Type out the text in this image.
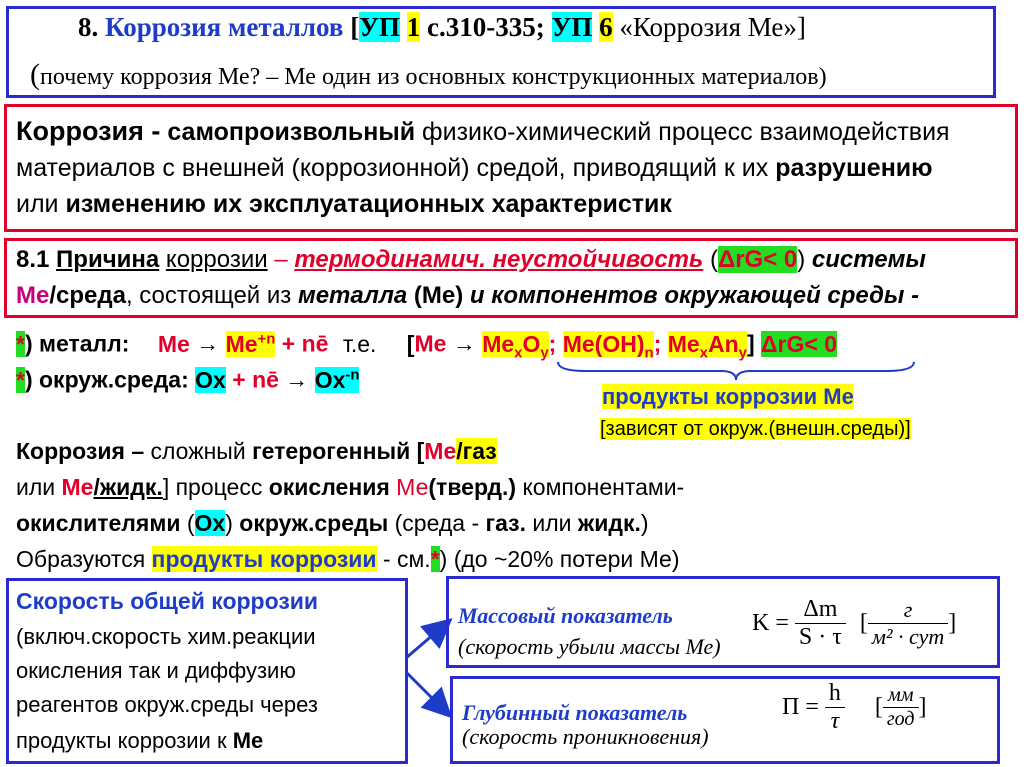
8. Коррозия металлов [УП 1 с.310-335; УП 6 «Коррозия Ме»]
(почему коррозия Ме? – Ме один из основных конструкционных материалов)
Коррозия - самопроизвольный физико-химический процесс взаимодействия
материалов с внешней (коррозионной) средой, приводящий к их разрушению
или изменению их эксплуатационных характеристик
8.1 Причина коррозии – термодинамич. неустойчивость (ΔrG< 0) системы
Ме/среда, состоящей из металла (Ме) и компонентов окружающей среды -
*) металл: Ме → $Ме^{+n}$ + nē т.е. [$Ме \to Ме_xO_y$; $Ме(ОН)_n$; $Ме_xAn_y$] ΔrG< 0
*) окруж.среда: Ох + nē → $Ох^{-n}$
продукты коррозии Ме
[зависят от окруж.(внешн.среды)]
Коррозия – сложный гетерогенный [Ме/газ
или Ме/жидк.] процесс окисления Ме(тверд.) компонентами-
окислителями (Ох) окруж.среды (среда - газ. или жидк.)
Образуются продукты коррозии - см.*) (до ~20% потери Ме)
Скорость общей коррозии
(включ.скорость хим.реакции
окисления так и диффузию
реагентов окруж.среды через
продукты коррозии к Ме
Массовый показатель
(скорость убыли массы Ме)
$K = \frac{\Delta m}{S \cdot \tau}$ [ $\frac{г}{\text{м² · сут}}$ ]
Глубинный показатель
(скорость проникновения)
$П = \frac{h}{\tau}$ [ $\frac{мм}{\text{год}}$ ]
